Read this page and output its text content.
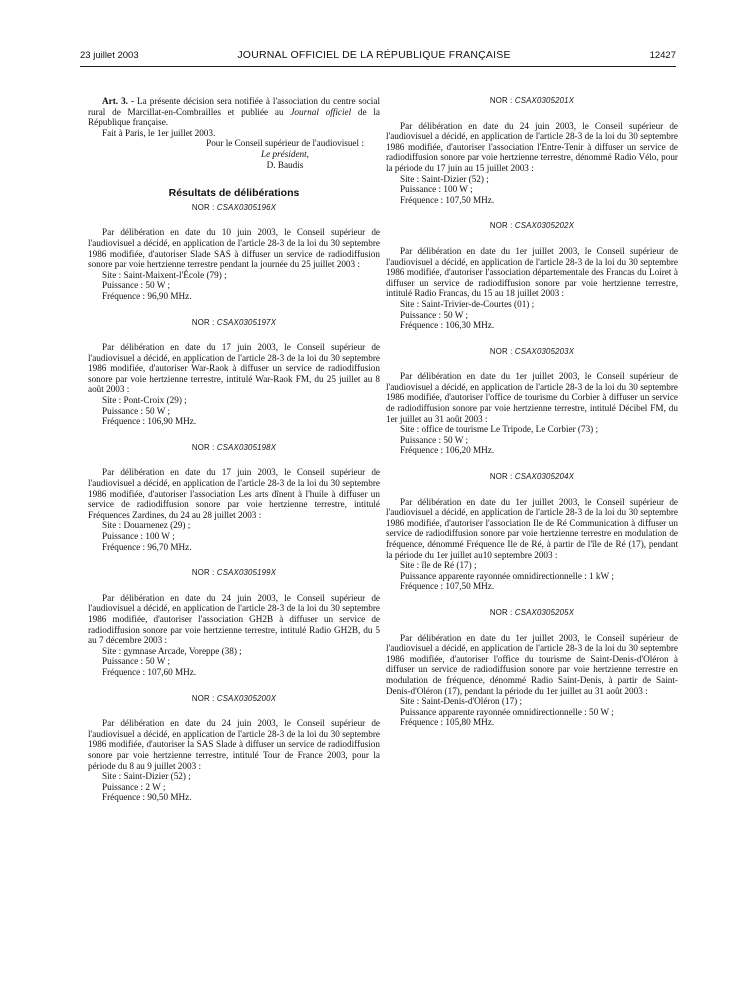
23 juillet 2003	JOURNAL OFFICIEL DE LA RÉPUBLIQUE FRANÇAISE	12427

Art. 3. - La présente décision sera notifiée à l'association du centre social rural de Marcillat-en-Combrailles et publiée au Journal officiel de la République française.

Fait à Paris, le 1er juillet 2003.

Pour le Conseil supérieur de l'audiovisuel :
Le président,
D. Baudis
Résultats de délibérations
NOR : CSAX0305196X

Par délibération en date du 10 juin 2003, le Conseil supérieur de l'audiovisuel a décidé, en application de l'article 28-3 de la loi du 30 septembre 1986 modifiée, d'autoriser Slade SAS à diffuser un service de radiodiffusion sonore par voie hertzienne terrestre pendant la journée du 25 juillet 2003 :

Site : Saint-Maixent-l'École (79) ;
Puissance : 50 W ;
Fréquence : 96,90 MHz.
NOR : CSAX0305197X

Par délibération en date du 17 juin 2003, le Conseil supérieur de l'audiovisuel a décidé, en application de l'article 28-3 de la loi du 30 septembre 1986 modifiée, d'autoriser War-Raok à diffuser un service de radiodiffusion sonore par voie hertzienne terrestre, intitulé War-Raok FM, du 25 juillet au 8 août 2003 :

Site : Pont-Croix (29) ;
Puissance : 50 W ;
Fréquence : 106,90 MHz.
NOR : CSAX0305198X

Par délibération en date du 17 juin 2003, le Conseil supérieur de l'audiovisuel a décidé, en application de l'article 28-3 de la loi du 30 septembre 1986 modifiée, d'autoriser l'association Les arts dînent à l'huile à diffuser un service de radiodiffusion sonore par voie hertzienne terrestre, intitulé Fréquences Zardines, du 24 au 28 juillet 2003 :

Site : Douarnenez (29) ;
Puissance : 100 W ;
Fréquence : 96,70 MHz.
NOR : CSAX0305199X

Par délibération en date du 24 juin 2003, le Conseil supérieur de l'audiovisuel a décidé, en application de l'article 28-3 de la loi du 30 septembre 1986 modifiée, d'autoriser l'association GH2B à diffuser un service de radiodiffusion sonore par voie hertzienne terrestre, intitulé Radio GH2B, du 5 au 7 décembre 2003 :

Site : gymnase Arcade, Voreppe (38) ;
Puissance : 50 W ;
Fréquence : 107,60 MHz.
NOR : CSAX0305200X

Par délibération en date du 24 juin 2003, le Conseil supérieur de l'audiovisuel a décidé, en application de l'article 28-3 de la loi du 30 septembre 1986 modifiée, d'autoriser la SAS Slade à diffuser un service de radiodiffusion sonore par voie hertzienne terrestre, intitulé Tour de France 2003, pour la période du 8 au 9 juillet 2003 :

Site : Saint-Dizier (52) ;
Puissance : 2 W ;
Fréquence : 90,50 MHz.
NOR : CSAX0305201X

Par délibération en date du 24 juin 2003, le Conseil supérieur de l'audiovisuel a décidé, en application de l'article 28-3 de la loi du 30 septembre 1986 modifiée, d'autoriser l'association l'Entre-Tenir à diffuser un service de radiodiffusion sonore par voie hertzienne terrestre, dénommé Radio Vélo, pour la période du 17 juin au 15 juillet 2003 :

Site : Saint-Dizier (52) ;
Puissance : 100 W ;
Fréquence : 107,50 MHz.
NOR : CSAX0305202X

Par délibération en date du 1er juillet 2003, le Conseil supérieur de l'audiovisuel a décidé, en application de l'article 28-3 de la loi du 30 septembre 1986 modifiée, d'autoriser l'association départementale des Francas du Loiret à diffuser un service de radiodiffusion sonore par voie hertzienne terrestre, intitulé Radio Francas, du 15 au 18 juillet 2003 :

Site : Saint-Trivier-de-Courtes (01) ;
Puissance : 50 W ;
Fréquence : 106,30 MHz.
NOR : CSAX0305203X

Par délibération en date du 1er juillet 2003, le Conseil supérieur de l'audiovisuel a décidé, en application de l'article 28-3 de la loi du 30 septembre 1986 modifiée, d'autoriser l'office de tourisme du Corbier à diffuser un service de radiodiffusion sonore par voie hertzienne terrestre, intitulé Décibel FM, du 1er juillet au 31 août 2003 :

Site : office de tourisme Le Tripode, Le Corbier (73) ;
Puissance : 50 W ;
Fréquence : 106,20 MHz.
NOR : CSAX0305204X

Par délibération en date du 1er juillet 2003, le Conseil supérieur de l'audiovisuel a décidé, en application de l'article 28-3 de la loi du 30 septembre 1986 modifiée, d'autoriser l'association Ile de Ré Communication à diffuser un service de radiodiffusion sonore par voie hertzienne terrestre en modulation de fréquence, dénommé Fréquence Ile de Ré, à partir de l'île de Ré (17), pendant la période du 1er juillet au10 septembre 2003 :

Site : île de Ré (17) ;
Puissance apparente rayonnée omnidirectionnelle : 1 kW ;
Fréquence : 107,50 MHz.
NOR : CSAX0305205X

Par délibération en date du 1er juillet 2003, le Conseil supérieur de l'audiovisuel a décidé, en application de l'article 28-3 de la loi du 30 septembre 1986 modifiée, d'autoriser l'office du tourisme de Saint-Denis-d'Oléron à diffuser un service de radiodiffusion sonore par voie hertzienne terrestre en modulation de fréquence, dénommé Radio Saint-Denis, à partir de Saint-Denis-d'Oléron (17), pendant la période du 1er juillet au 31 août 2003 :

Site : Saint-Denis-d'Oléron (17) ;
Puissance apparente rayonnée omnidirectionnelle : 50 W ;
Fréquence : 105,80 MHz.
